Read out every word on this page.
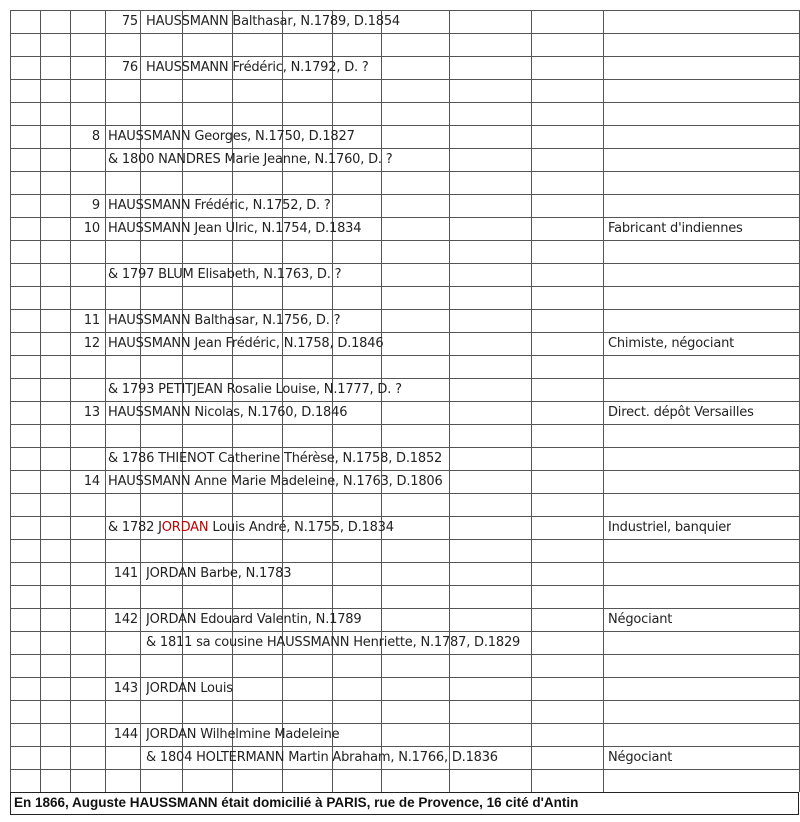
75 HAUSSMANN Balthasar, N.1789, D.1854
76 HAUSSMANN Frédéric, N.1792, D. ?
8 HAUSSMANN Georges, N.1750, D.1827
& 1800 NANDRES Marie Jeanne, N.1760, D. ?
9 HAUSSMANN Frédéric, N.1752, D. ?
10 HAUSSMANN Jean Ulric, N.1754, D.1834	Fabricant d'indiennes
& 1797 BLUM Elisabeth, N.1763, D. ?
11 HAUSSMANN Balthasar, N.1756, D. ?
12 HAUSSMANN Jean Frédéric, N.1758, D.1846	Chimiste, négociant
& 1793 PETITJEAN Rosalie Louise, N.1777, D. ?
13 HAUSSMANN Nicolas, N.1760, D.1846	Direct. dépôt Versailles
& 1786 THIENOT Catherine Thérèse, N.1758, D.1852
14 HAUSSMANN Anne Marie Madeleine, N.1763, D.1806
& 1782 JORDAN Louis André, N.1755, D.1834	Industriel, banquier
141 JORDAN Barbe, N.1783
142 JORDAN Edouard Valentin, N.1789	Négociant
& 1811 sa cousine HAUSSMANN Henriette, N.1787, D.1829
143 JORDAN Louis
144 JORDAN Wilhelmine Madeleine
& 1804 HOLTERMANN Martin Abraham, N.1766, D.1836	Négociant
En 1866, Auguste HAUSSMANN était domicilié à PARIS, rue de Provence, 16 cité d'Antin
